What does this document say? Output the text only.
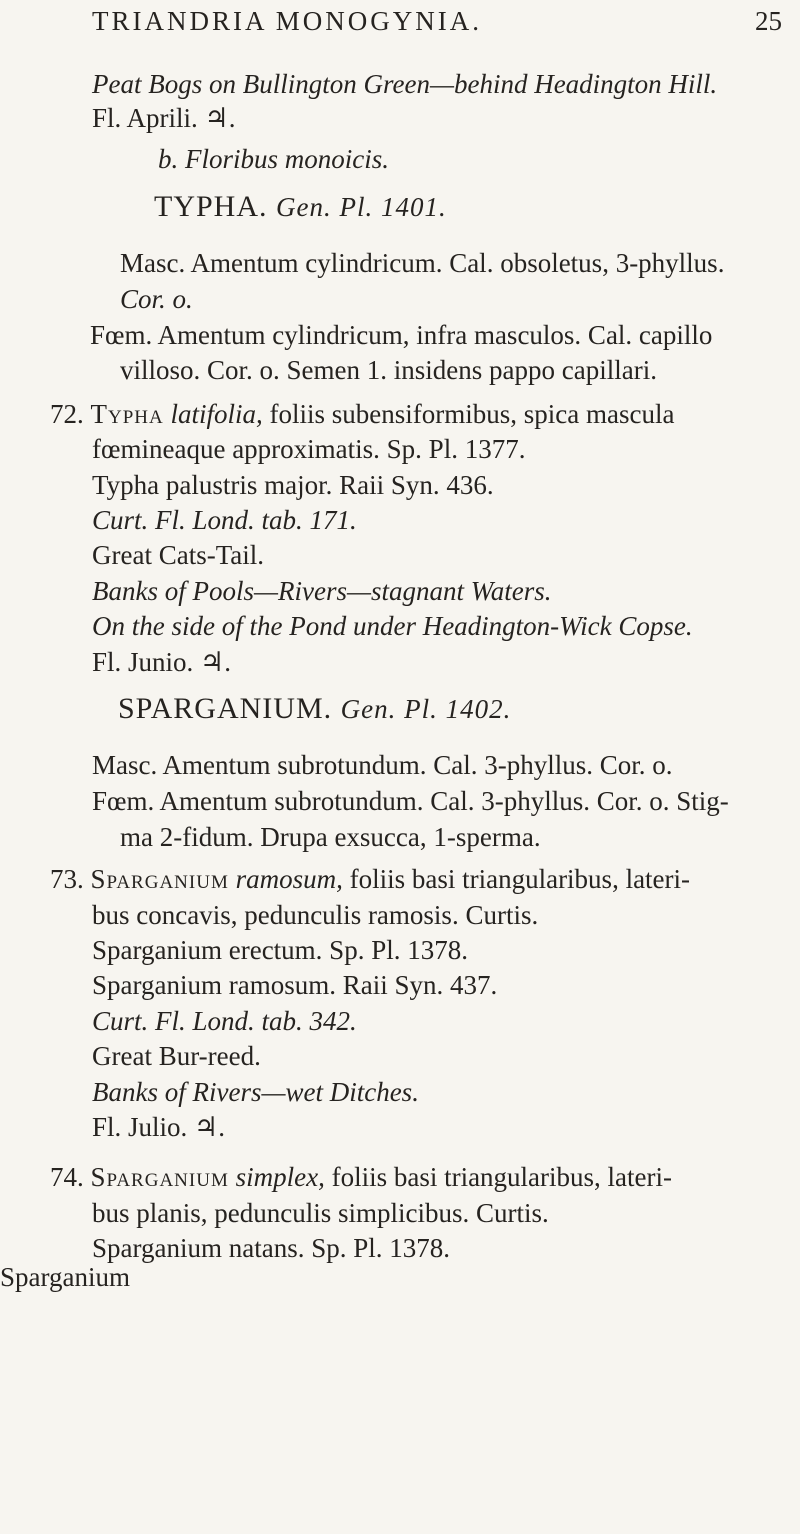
TRIANDRIA MONOGYNIA.	25
Peat Bogs on Bullington Green—behind Headington Hill.
Fl. Aprili. ♃.
b. Floribus monoicis.
TYPHA. Gen. Pl. 1401.
Masc. Amentum cylindricum. Cal. obsoletus, 3-phyllus.
Cor. o.
Fœm. Amentum cylindricum, infra masculos. Cal. capillo
villoso. Cor. o. Semen 1. insidens pappo capillari.
72. Typha latifolia, foliis subensiformibus, spica mascula
fœmineaque approximatis. Sp. Pl. 1377.
Typha palustris major. Raii Syn. 436.
Curt. Fl. Lond. tab. 171.
Great Cats-Tail.
Banks of Pools—Rivers—stagnant Waters.
On the side of the Pond under Headington-Wick Copse.
Fl. Junio. ♃.
SPARGANIUM. Gen. Pl. 1402.
Masc. Amentum subrotundum. Cal. 3-phyllus. Cor. o.
Fœm. Amentum subrotundum. Cal. 3-phyllus. Cor. o. Stig-
ma 2-fidum. Drupa exsucca, 1-sperma.
73. Sparganium ramosum, foliis basi triangularibus, lateri-
bus concavis, pedunculis ramosis. Curtis.
Sparganium erectum. Sp. Pl. 1378.
Sparganium ramosum. Raii Syn. 437.
Curt. Fl. Lond. tab. 342.
Great Bur-reed.
Banks of Rivers—wet Ditches.
Fl. Julio. ♃.
74. Sparganium simplex, foliis basi triangularibus, lateri-
bus planis, pedunculis simplicibus. Curtis.
Sparganium natans. Sp. Pl. 1378.
Sparganium
